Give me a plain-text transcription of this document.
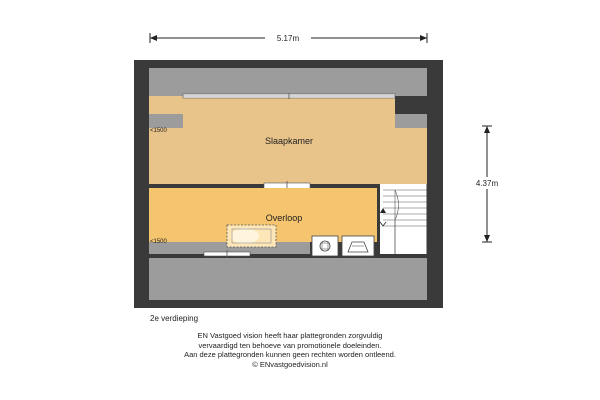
5.17m
4.37m
Slaapkamer
Overloop
<1500
<1500
2e verdieping
EN Vastgoed vision heeft haar plattegronden zorgvuldig
vervaardigd ten behoeve van promotionele doeleinden.
Aan deze plattegronden kunnen geen rechten worden ontleend.
© ENvastgoedvision.nl
